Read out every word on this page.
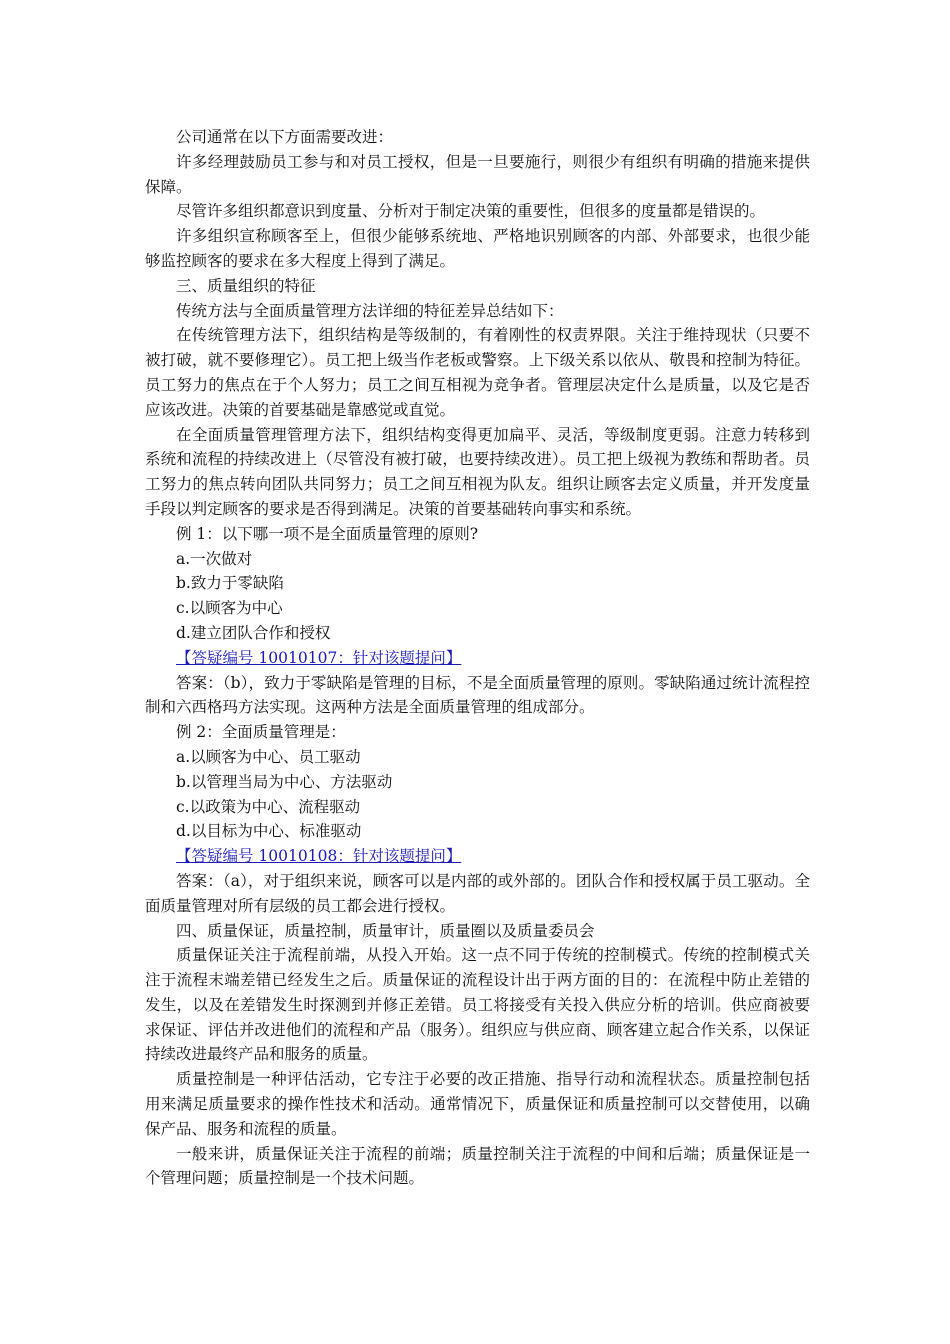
公司通常在以下方面需要改进：

许多经理鼓励员工参与和对员工授权，但是一旦要施行，则很少有组织有明确的措施来提供保障。

尽管许多组织都意识到度量、分析对于制定决策的重要性，但很多的度量都是错误的。

许多组织宣称顾客至上，但很少能够系统地、严格地识别顾客的内部、外部要求，也很少能够监控顾客的要求在多大程度上得到了满足。

三、质量组织的特征

传统方法与全面质量管理方法详细的特征差异总结如下：

在传统管理方法下，组织结构是等级制的，有着刚性的权责界限。关注于维持现状（只要不被打破，就不要修理它）。员工把上级当作老板或警察。上下级关系以依从、敬畏和控制为特征。员工努力的焦点在于个人努力；员工之间互相视为竞争者。管理层决定什么是质量，以及它是否应该改进。决策的首要基础是靠感觉或直觉。

在全面质量管理管理方法下，组织结构变得更加扁平、灵活，等级制度更弱。注意力转移到系统和流程的持续改进上（尽管没有被打破，也要持续改进）。员工把上级视为教练和帮助者。员工努力的焦点转向团队共同努力；员工之间互相视为队友。组织让顾客去定义质量，并开发度量手段以判定顾客的要求是否得到满足。决策的首要基础转向事实和系统。

例 1：以下哪一项不是全面质量管理的原则?

a.一次做对

b.致力于零缺陷

c.以顾客为中心

d.建立团队合作和授权

【答疑编号 10010107：针对该题提问】

答案：（b），致力于零缺陷是管理的目标，不是全面质量管理的原则。零缺陷通过统计流程控制和六西格玛方法实现。这两种方法是全面质量管理的组成部分。

例 2：全面质量管理是：

a.以顾客为中心、员工驱动

b.以管理当局为中心、方法驱动

c.以政策为中心、流程驱动

d.以目标为中心、标准驱动

【答疑编号 10010108：针对该题提问】

答案：（a），对于组织来说，顾客可以是内部的或外部的。团队合作和授权属于员工驱动。全面质量管理对所有层级的员工都会进行授权。

四、质量保证，质量控制，质量审计，质量圈以及质量委员会

质量保证关注于流程前端，从投入开始。这一点不同于传统的控制模式。传统的控制模式关注于流程末端差错已经发生之后。质量保证的流程设计出于两方面的目的：在流程中防止差错的发生，以及在差错发生时探测到并修正差错。员工将接受有关投入供应分析的培训。供应商被要求保证、评估并改进他们的流程和产品（服务）。组织应与供应商、顾客建立起合作关系，以保证持续改进最终产品和服务的质量。

质量控制是一种评估活动，它专注于必要的改正措施、指导行动和流程状态。质量控制包括用来满足质量要求的操作性技术和活动。通常情况下，质量保证和质量控制可以交替使用，以确保产品、服务和流程的质量。

一般来讲，质量保证关注于流程的前端；质量控制关注于流程的中间和后端；质量保证是一个管理问题；质量控制是一个技术问题。
